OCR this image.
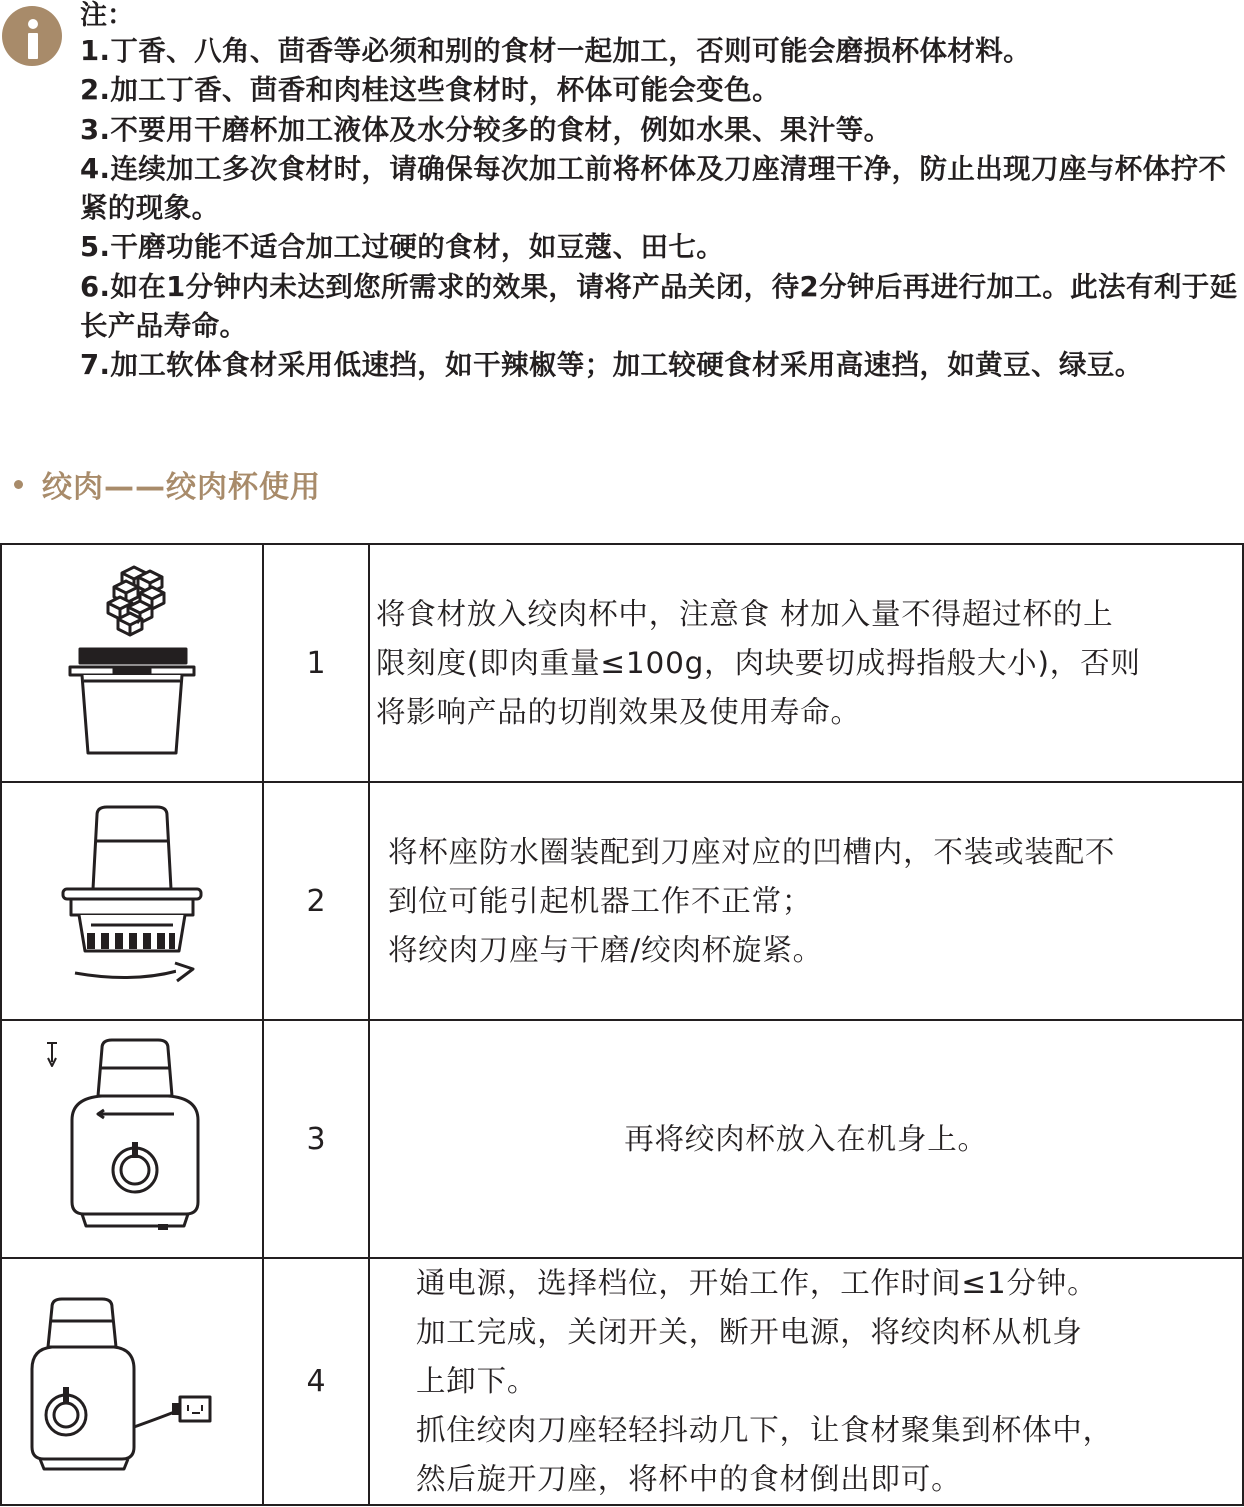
注：

1.丁香、八角、茴香等必须和别的食材一起加工，否则可能会磨损杯体材料。

2.加工丁香、茴香和肉桂这些食材时，杯体可能会变色。

3.不要用干磨杯加工液体及水分较多的食材，例如水果、果汁等。

4.连续加工多次食材时，请确保每次加工前将杯体及刀座清理干净，防止出现刀座与杯体拧不紧的现象。

5.干磨功能不适合加工过硬的食材，如豆蔻、田七。

6.如在1分钟内未达到您所需求的效果，请将产品关闭，待2分钟后再进行加工。此法有利于延长产品寿命。

7.加工软体食材采用低速挡，如干辣椒等；加工较硬食材采用高速挡，如黄豆、绿豆。

绞肉——绞肉杯使用
	1	将食材放入绞肉杯中，注意食 材加入量不得超过杯的上

限刻度(即肉重量≤100g，肉块要切成拇指般大小)，否则

将影响产品的切削效果及使用寿命。

	2	将杯座防水圈装配到刀座对应的凹槽内，不装或装配不

到位可能引起机器工作不正常；

将绞肉刀座与干磨/绞肉杯旋紧。

	3	再将绞肉杯放入在机身上。

	4	通电源，选择档位，开始工作，工作时间≤1分钟。

加工完成，关闭开关，断开电源，将绞肉杯从机身

上卸下。

抓住绞肉刀座轻轻抖动几下，让食材聚集到杯体中，

然后旋开刀座，将杯中的食材倒出即可。
